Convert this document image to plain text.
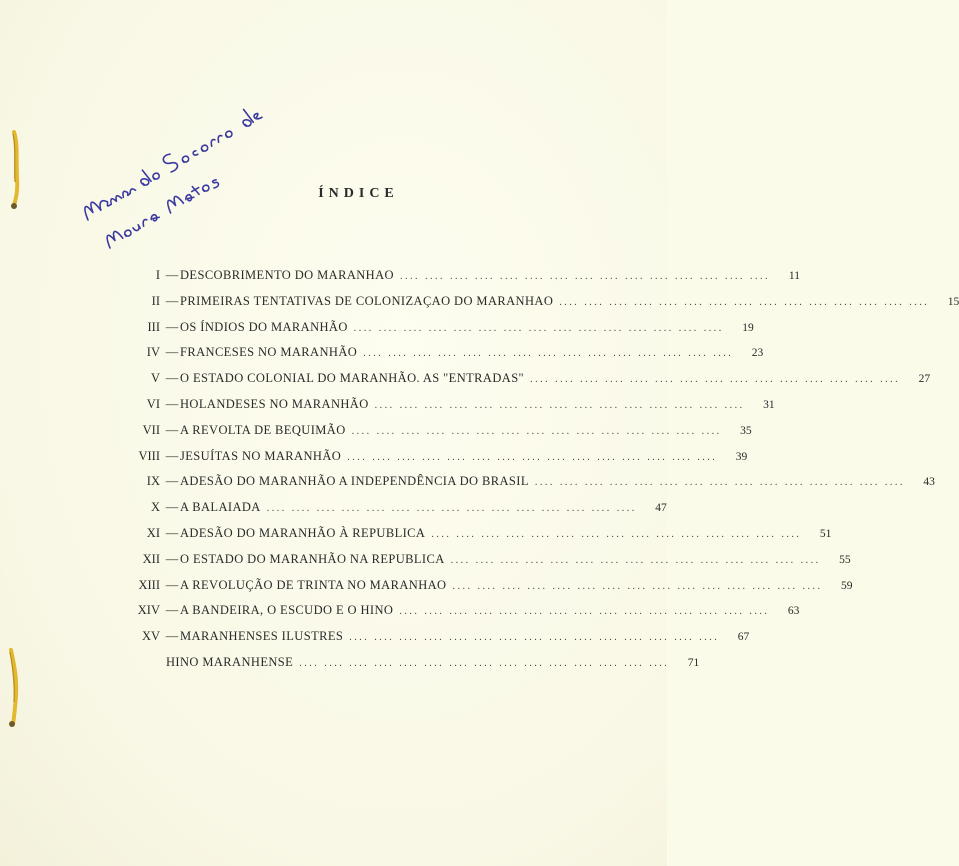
ÍNDICE
I — DESCOBRIMENTO DO MARANHAO .... .... .... .... .... .... .... .... .... .... .... .... .... .... ....	11
II — PRIMEIRAS TENTATIVAS DE COLONIZAÇAO DO MARANHAO .... .... .... .... .... .... .... .... .... .... .... .... .... .... ....	15
III — OS ÍNDIOS DO MARANHÃO .... .... .... .... .... .... .... .... .... .... .... .... .... .... ....	19
IV — FRANCESES NO MARANHÃO .... .... .... .... .... .... .... .... .... .... .... .... .... .... ....	23
V — O ESTADO COLONIAL DO MARANHÃO. AS "ENTRADAS" .... .... .... .... .... .... .... .... .... .... .... .... .... .... ....	27
VI — HOLANDESES NO MARANHÃO .... .... .... .... .... .... .... .... .... .... .... .... .... .... ....	31
VII — A REVOLTA DE BEQUIMÃO .... .... .... .... .... .... .... .... .... .... .... .... .... .... ....	35
VIII — JESUÍTAS NO MARANHÃO .... .... .... .... .... .... .... .... .... .... .... .... .... .... ....	39
IX — ADESÃO DO MARANHÃO A INDEPENDÊNCIA DO BRASIL .... .... .... .... .... .... .... .... .... .... .... .... .... .... ....	43
X — A BALAIADA .... .... .... .... .... .... .... .... .... .... .... .... .... .... ....	47
XI — ADESÃO DO MARANHÃO À REPUBLICA .... .... .... .... .... .... .... .... .... .... .... .... .... .... ....	51
XII — O ESTADO DO MARANHÃO NA REPUBLICA .... .... .... .... .... .... .... .... .... .... .... .... .... .... ....	55
XIII — A REVOLUÇÃO DE TRINTA NO MARANHAO .... .... .... .... .... .... .... .... .... .... .... .... .... .... ....	59
XIV — A BANDEIRA, O ESCUDO E O HINO .... .... .... .... .... .... .... .... .... .... .... .... .... .... ....	63
XV — MARANHENSES ILUSTRES .... .... .... .... .... .... .... .... .... .... .... .... .... .... ....	67
HINO MARANHENSE .... .... .... .... .... .... .... .... .... .... .... .... .... .... ....	71
